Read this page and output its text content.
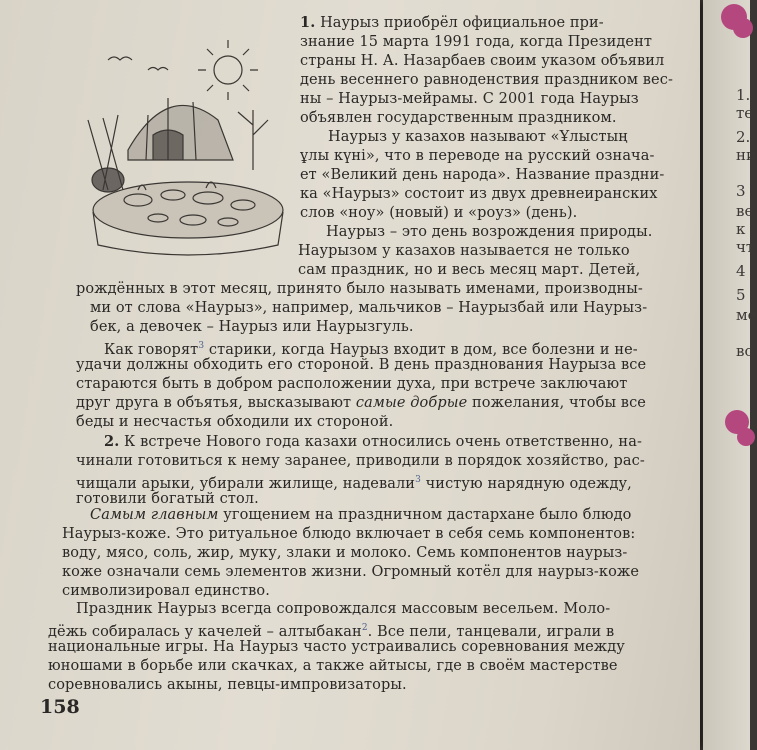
1. Наурыз приобрёл официальное при-
знание 15 марта 1991 года, когда Президент
страны Н. А. Назарбаев своим указом объявил
день весеннего равноденствия праздником вес-
ны – Наурыз-мейрамы. С 2001 года Наурыз
объявлен государственным праздником.
Наурыз у казахов называют «Ұлыстың
ұлы күні», что в переводе на русский означа-
ет «Великий день народа». Название праздни-
ка «Наурыз» состоит из двух древнеиранских
слов «ноу» (новый) и «роуз» (день).
Наурыз – это день возрождения природы.
Наурызом у казахов называется не только
сам праздник, но и весь месяц март. Детей,
рождённых в этот месяц, принято было называть именами, производны-
ми от слова «Наурыз», например, мальчиков – Наурызбай или Наурыз-
бек, а девочек – Наурыз или Наурызгуль.
Как говорят$^3$ старики, когда Наурыз входит в дом, все болезни и не-
удачи должны обходить его стороной. В день празднования Наурыза все
стараются быть в добром расположении духа, при встрече заключают
друг друга в объятья, высказывают самые добрые пожелания, чтобы все
беды и несчастья обходили их стороной.
2. К встрече Нового года казахи относились очень ответственно, на-
чинали готовиться к нему заранее, приводили в порядок хозяйство, рас-
чищали арыки, убирали жилище, надевали$^3$ чистую нарядную одежду,
готовили богатый стол.
Самым главным угощением на праздничном дастархане было блюдо
Наурыз-коже. Это ритуальное блюдо включает в себя семь компонентов:
воду, мясо, соль, жир, муку, злаки и молоко. Семь компонентов наурыз-
коже означали семь элементов жизни. Огромный котёл для наурыз-коже
символизировал единство.
Праздник Наурыз всегда сопровождался массовым весельем. Моло-
дёжь собиралась у качелей – алтыбакан$^2$. Все пели, танцевали, играли в
национальные игры. На Наурыз часто устраивались соревнования между
юношами в борьбе или скачках, а также айтысы, где в своём мастерстве
соревновались акыны, певцы-импровизаторы.
158
1.
те
2.
ни
3
ве
к
чт
4
5
ме
вс
